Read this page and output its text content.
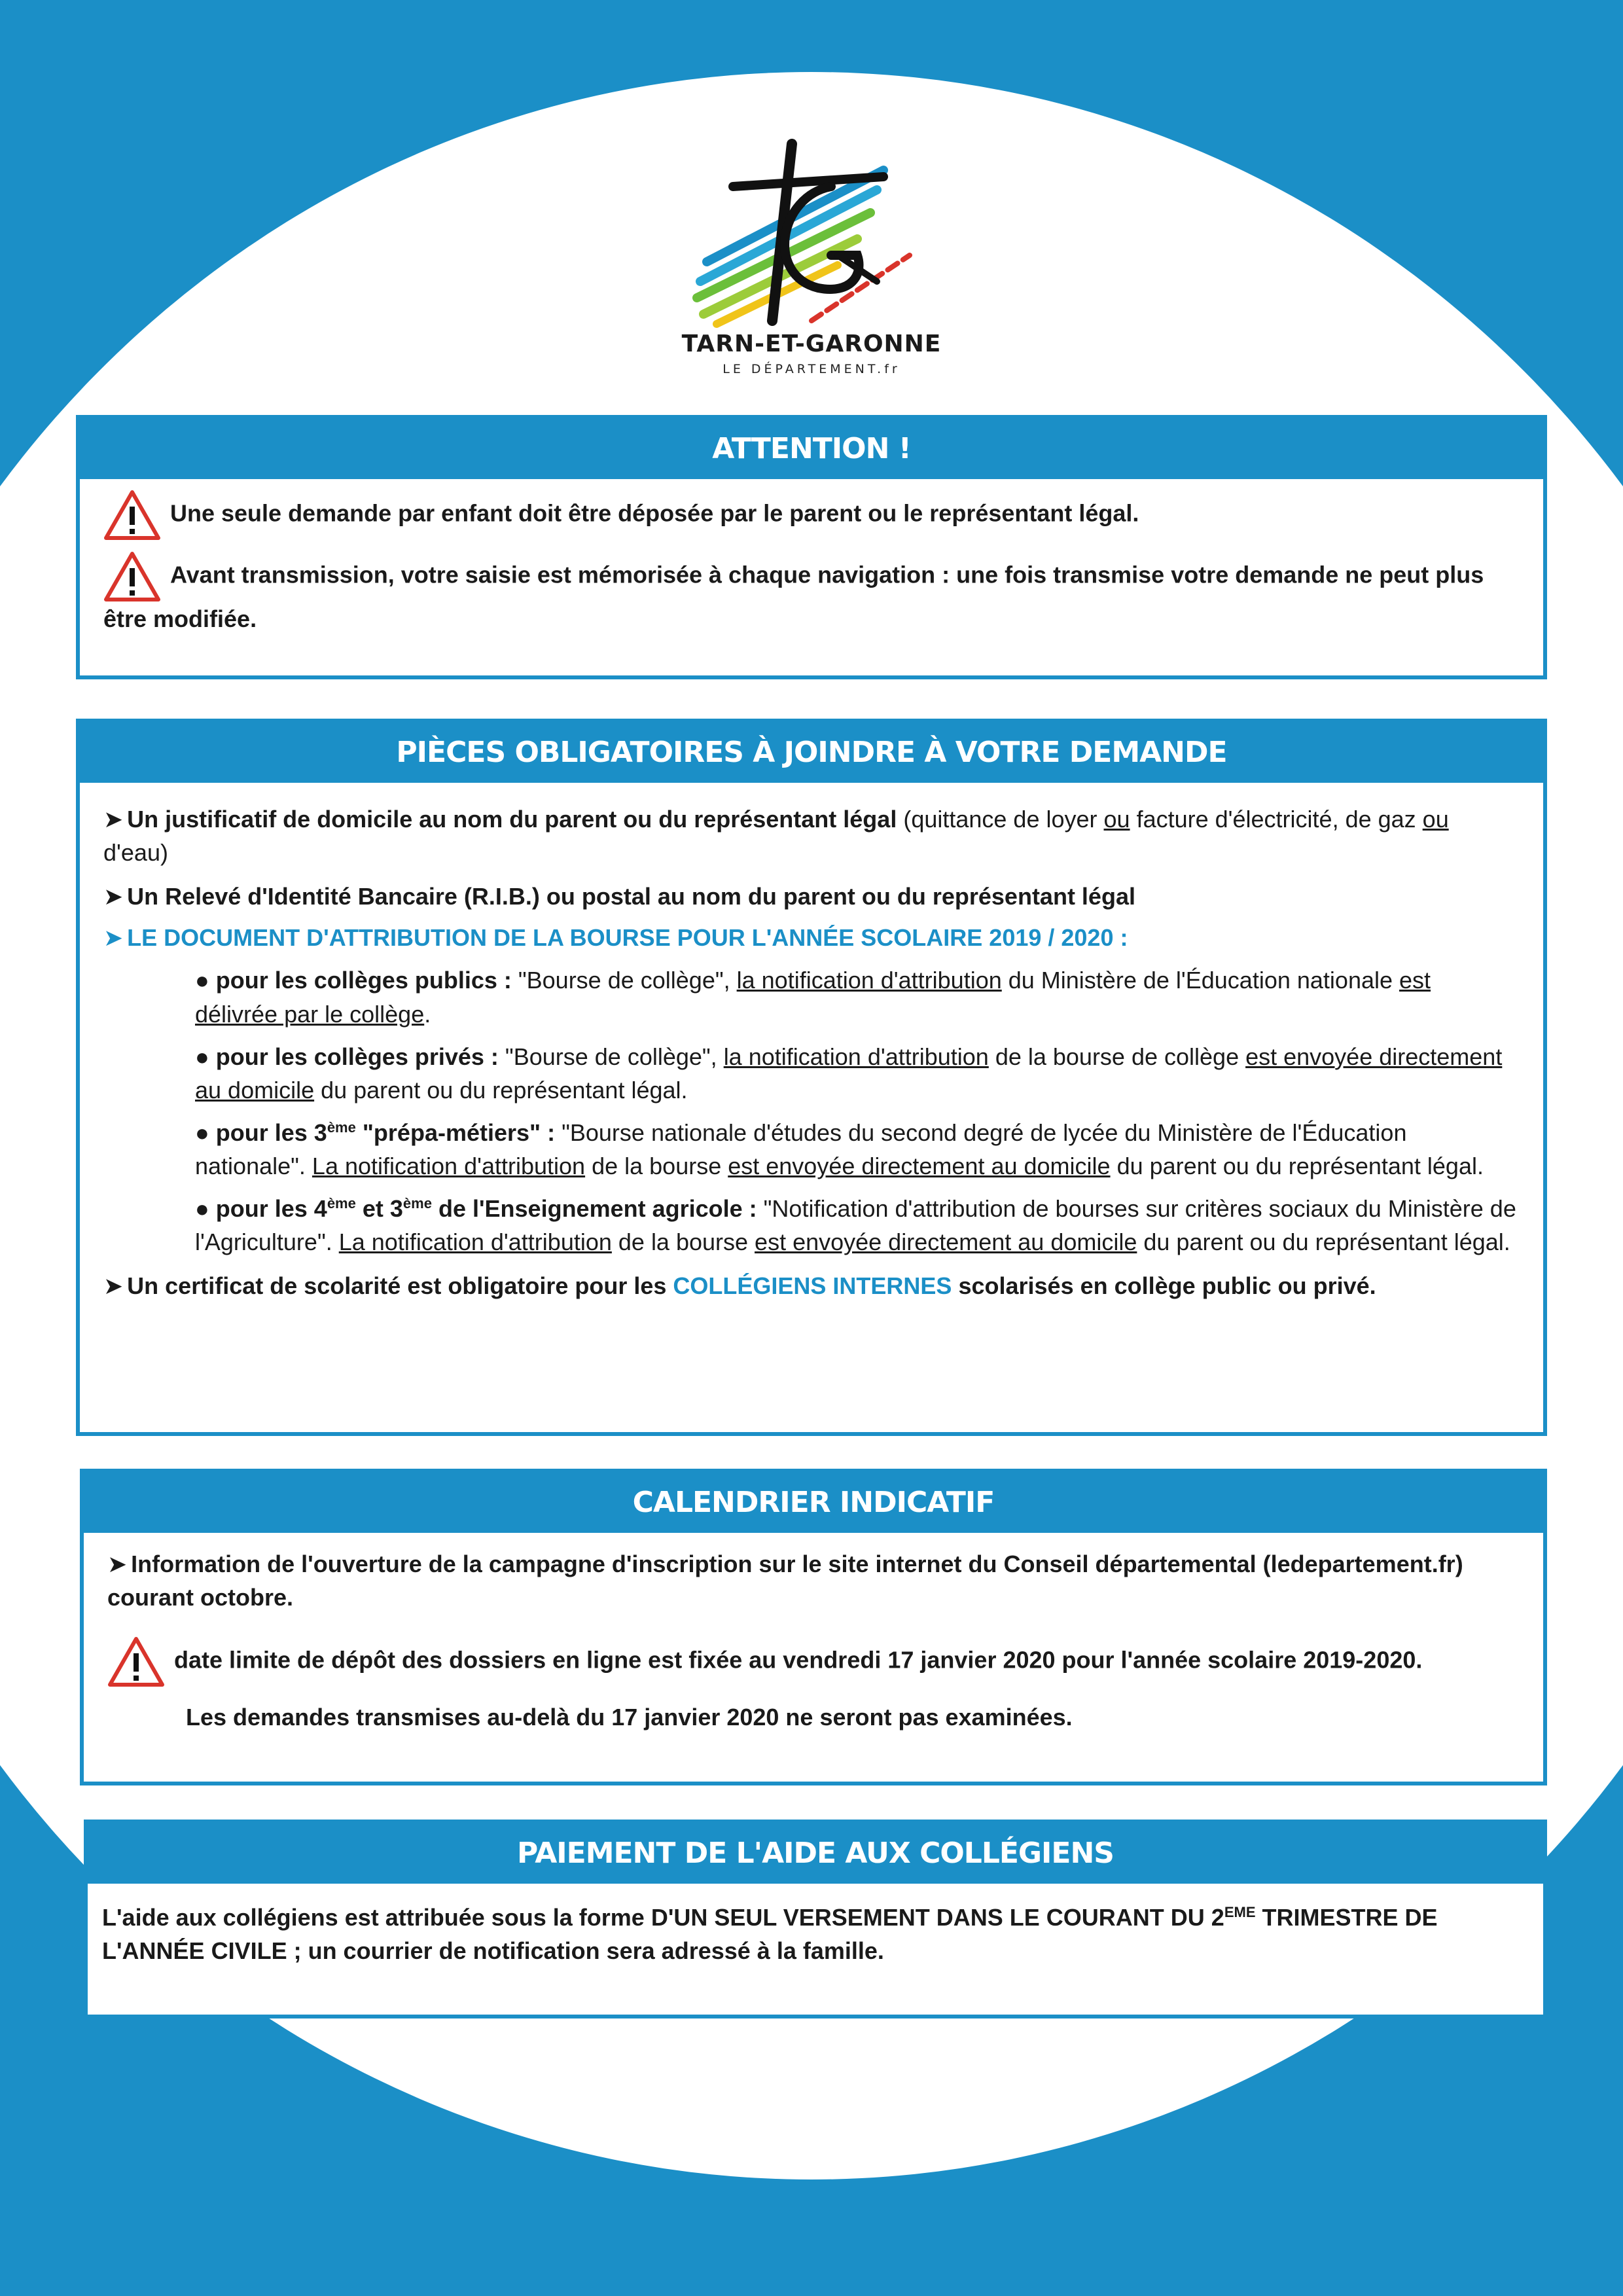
TARN-ET-GARONNE

LE DÉPARTEMENT.fr

ATTENTION !

Une seule demande par enfant doit être déposée par le parent ou le représentant légal.

Avant transmission, votre saisie est mémorisée à chaque navigation : une fois transmise votre demande ne peut plus être modifiée.

PIÈCES OBLIGATOIRES À JOINDRE À VOTRE DEMANDE

➤ Un justificatif de domicile au nom du parent ou du représentant légal (quittance de loyer ou facture d'électricité, de gaz ou d'eau)

➤ Un Relevé d'Identité Bancaire (R.I.B.) ou postal au nom du parent ou du représentant légal

➤ LE DOCUMENT D'ATTRIBUTION DE LA BOURSE POUR L'ANNÉE SCOLAIRE 2019 / 2020 :

● pour les collèges publics : "Bourse de collège", la notification d'attribution du Ministère de l'Éducation nationale est délivrée par le collège.

● pour les collèges privés : "Bourse de collège", la notification d'attribution de la bourse de collège est envoyée directement au domicile du parent ou du représentant légal.

● pour les 3ème "prépa-métiers" : "Bourse nationale d'études du second degré de lycée du Ministère de l'Éducation nationale". La notification d'attribution de la bourse est envoyée directement au domicile du parent ou du représentant légal.

● pour les 4ème et 3ème de l'Enseignement agricole : "Notification d'attribution de bourses sur critères sociaux du Ministère de l'Agriculture". La notification d'attribution de la bourse est envoyée directement au domicile du parent ou du représentant légal.

➤ Un certificat de scolarité est obligatoire pour les COLLÉGIENS INTERNES scolarisés en collège public ou privé.

CALENDRIER INDICATIF

➤ Information de l'ouverture de la campagne d'inscription sur le site internet du Conseil départemental (ledepartement.fr) courant octobre.

date limite de dépôt des dossiers en ligne est fixée au vendredi 17 janvier 2020 pour l'année scolaire 2019-2020.

Les demandes transmises au-delà du 17 janvier 2020 ne seront pas examinées.

PAIEMENT DE L'AIDE AUX COLLÉGIENS

L'aide aux collégiens est attribuée sous la forme D'UN SEUL VERSEMENT DANS LE COURANT DU 2EME TRIMESTRE DE L'ANNÉE CIVILE ; un courrier de notification sera adressé à la famille.
